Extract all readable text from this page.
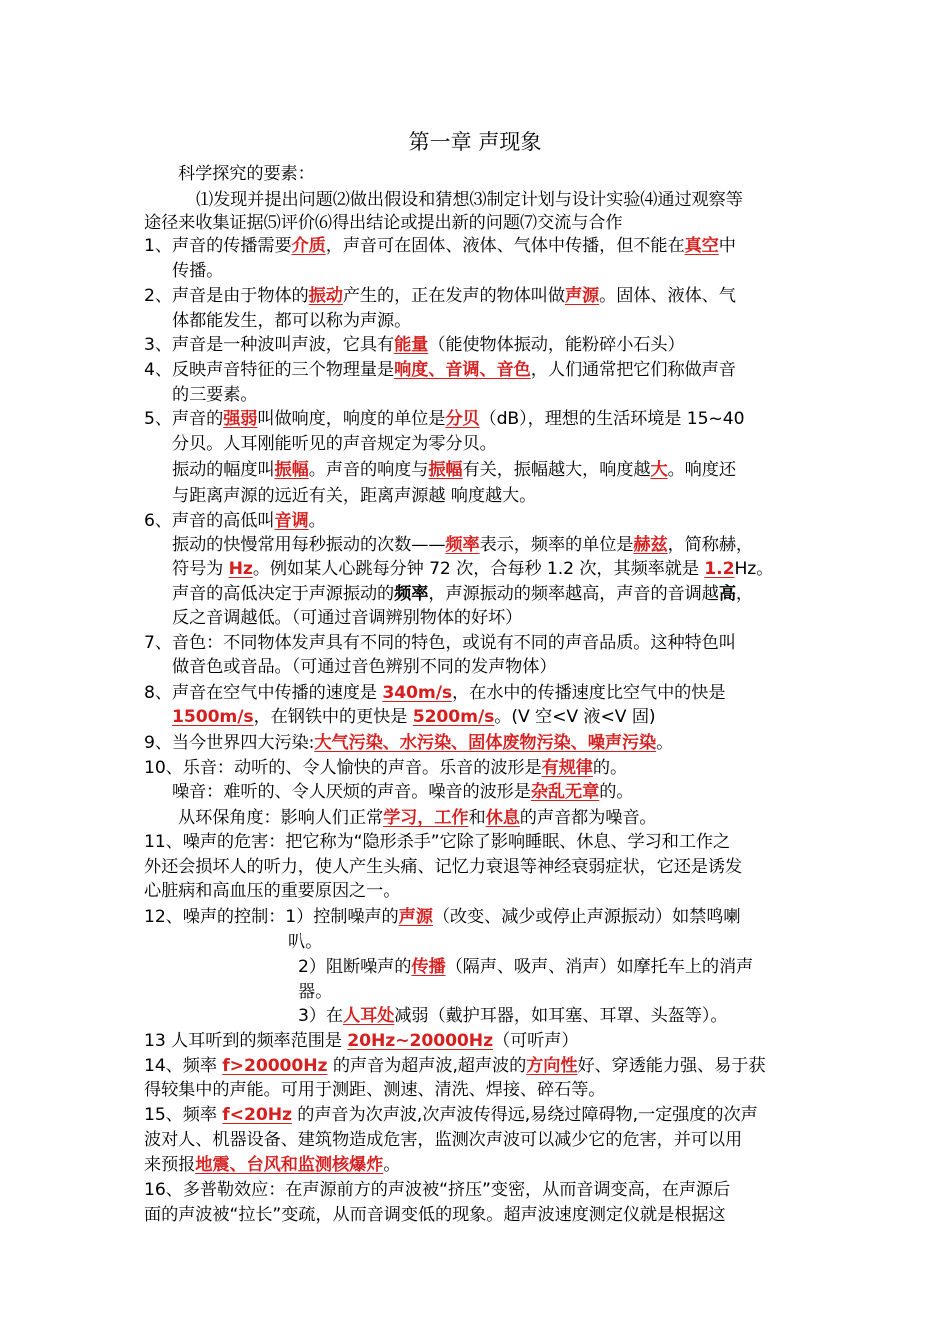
第一章 声现象
科学探究的要素：
⑴发现并提出问题⑵做出假设和猜想⑶制定计划与设计实验⑷通过观察等
途径来收集证据⑸评价⑹得出结论或提出新的问题⑺交流与合作
1、声音的传播需要介质，声音可在固体、液体、气体中传播，但不能在真空中
传播。
2、声音是由于物体的振动产生的，正在发声的物体叫做声源。固体、液体、气
体都能发生，都可以称为声源。
3、声音是一种波叫声波，它具有能量（能使物体振动，能粉碎小石头）
4、反映声音特征的三个物理量是响度、音调、音色，人们通常把它们称做声音
的三要素。
5、声音的强弱叫做响度，响度的单位是分贝（dB），理想的生活环境是 15~40
分贝。人耳刚能听见的声音规定为零分贝。
振动的幅度叫振幅。声音的响度与振幅有关，振幅越大，响度越大。响度还
与距离声源的远近有关，距离声源越 响度越大。
6、声音的高低叫音调。
振动的快慢常用每秒振动的次数——频率表示，频率的单位是赫兹，简称赫，
符号为 Hz。例如某人心跳每分钟 72 次，合每秒 1.2 次，其频率就是 1.2Hz。
声音的高低决定于声源振动的频率，声源振动的频率越高，声音的音调越高，
反之音调越低。（可通过音调辨别物体的好坏）
7、音色：不同物体发声具有不同的特色，或说有不同的声音品质。这种特色叫
做音色或音品。（可通过音色辨别不同的发声物体）
8、声音在空气中传播的速度是 340m/s，在水中的传播速度比空气中的快是
1500m/s，在钢铁中的更快是 5200m/s。(V 空<V 液<V 固)
9、当今世界四大污染:大气污染、水污染、固体废物污染、噪声污染。
10、乐音：动听的、令人愉快的声音。乐音的波形是有规律的。
噪音：难听的、令人厌烦的声音。噪音的波形是杂乱无章的。
从环保角度：影响人们正常学习，工作和休息的声音都为噪音。
11、噪声的危害：把它称为“隐形杀手”它除了影响睡眠、休息、学习和工作之
外还会损坏人的听力，使人产生头痛、记忆力衰退等神经衰弱症状，它还是诱发
心脏病和高血压的重要原因之一。
12、噪声的控制：1）控制噪声的声源（改变、减少或停止声源振动）如禁鸣喇
叭。
2）阻断噪声的传播（隔声、吸声、消声）如摩托车上的消声
器。
3）在人耳处减弱（戴护耳器，如耳塞、耳罩、头盔等）。
13 人耳听到的频率范围是 20Hz~20000Hz（可听声）
14、频率 f>20000Hz 的声音为超声波,超声波的方向性好、穿透能力强、易于获
得较集中的声能。可用于测距、测速、清洗、焊接、碎石等。
15、频率 f<20Hz 的声音为次声波,次声波传得远,易绕过障碍物,一定强度的次声
波对人、机器设备、建筑物造成危害，监测次声波可以减少它的危害，并可以用
来预报地震、台风和监测核爆炸。
16、多普勒效应：在声源前方的声波被“挤压”变密，从而音调变高，在声源后
面的声波被“拉长”变疏，从而音调变低的现象。超声波速度测定仪就是根据这
